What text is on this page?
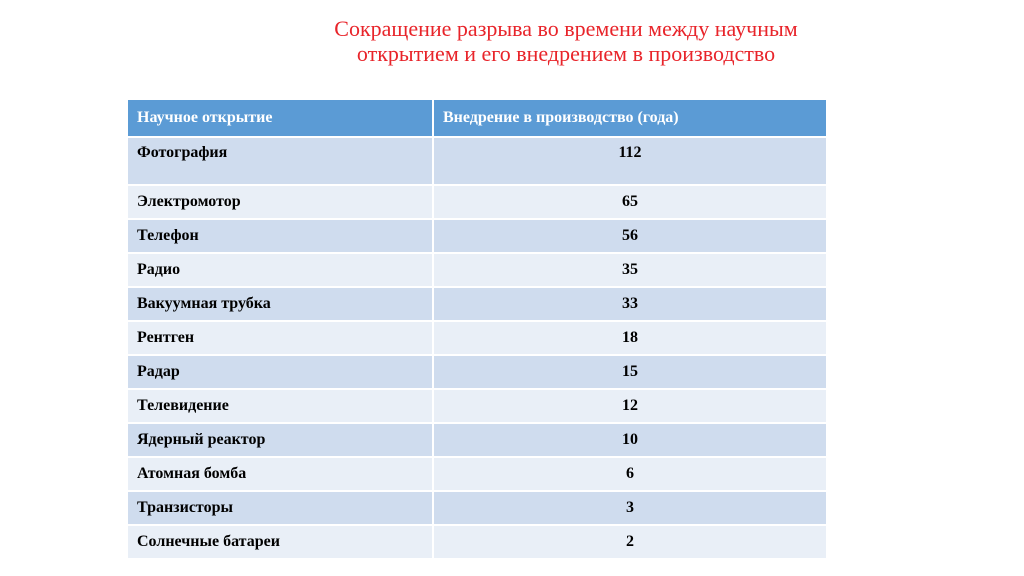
Сокращение разрыва во времени между научным
открытием и его внедрением в производство
Научное открытие	Внедрение в производство (года)
Фотография	112
Электромотор	65
Телефон	56
Радио	35
Вакуумная трубка	33
Рентген	18
Радар	15
Телевидение	12
Ядерный реактор	10
Атомная бомба	6
Транзисторы	3
Солнечные батареи	2
